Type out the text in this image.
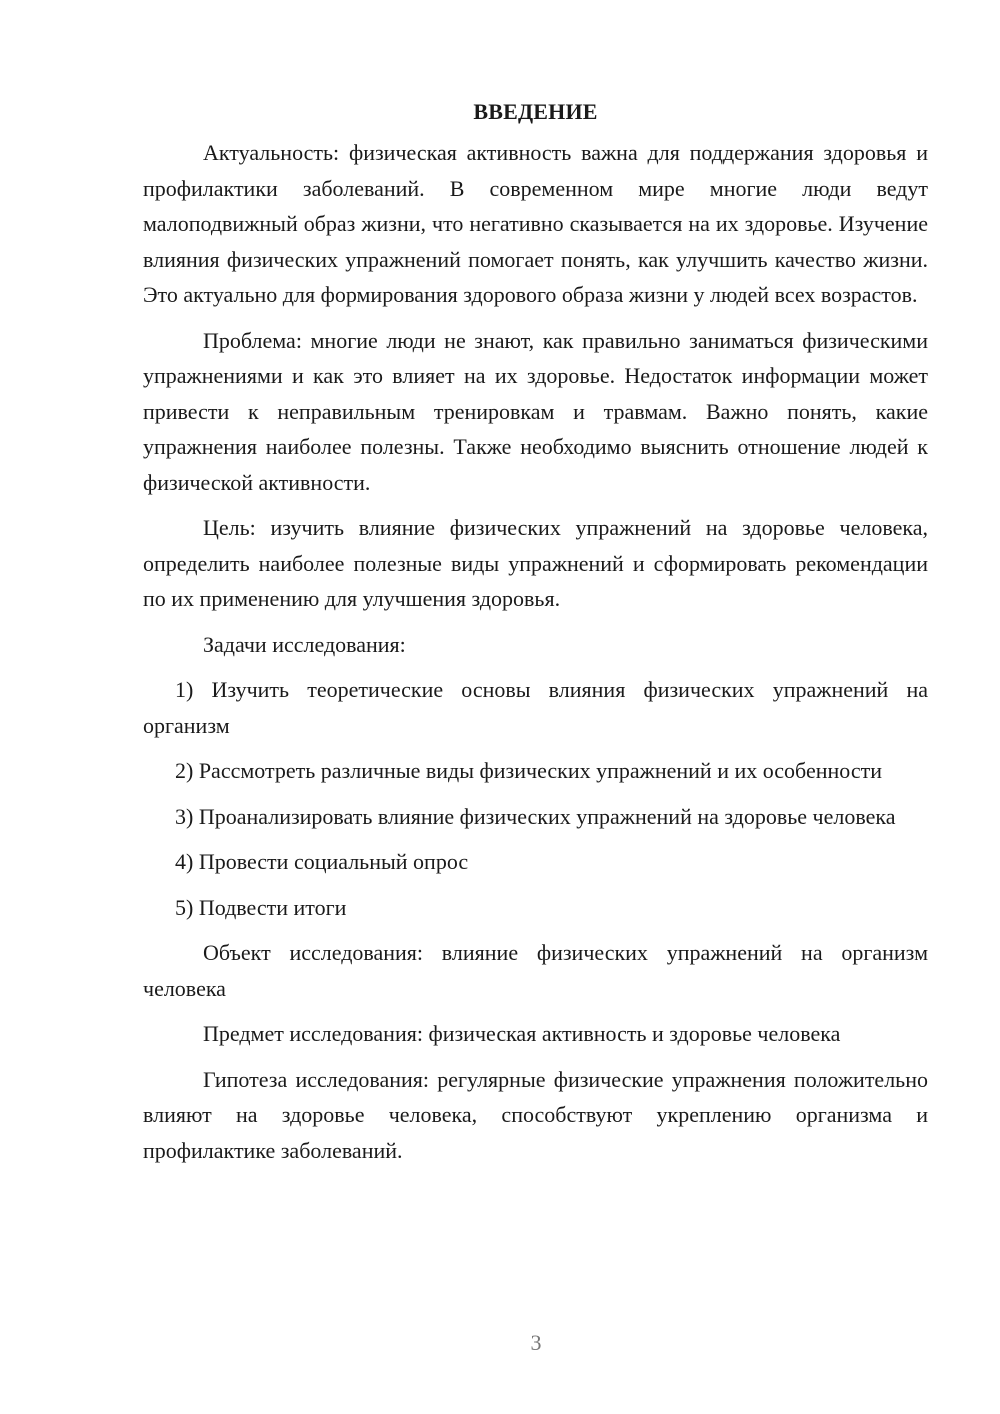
ВВЕДЕНИЕ

Актуальность: физическая активность важна для поддержания здоровья и профилактики заболеваний. В современном мире многие люди ведут малоподвижный образ жизни, что негативно сказывается на их здоровье. Изучение влияния физических упражнений помогает понять, как улучшить качество жизни. Это актуально для формирования здорового образа жизни у людей всех возрастов.

Проблема: многие люди не знают, как правильно заниматься физическими упражнениями и как это влияет на их здоровье. Недостаток информации может привести к неправильным тренировкам и травмам. Важно понять, какие упражнения наиболее полезны. Также необходимо выяснить отношение людей к физической активности.

Цель: изучить влияние физических упражнений на здоровье человека, определить наиболее полезные виды упражнений и сформировать рекомендации по их применению для улучшения здоровья.

Задачи исследования:

1) Изучить теоретические основы влияния физических упражнений на организм

2) Рассмотреть различные виды физических упражнений и их особенности

3) Проанализировать влияние физических упражнений на здоровье человека

4) Провести социальный опрос

5) Подвести итоги

Объект исследования: влияние физических упражнений на организм человека

Предмет исследования: физическая активность и здоровье человека

Гипотеза исследования: регулярные физические упражнения положительно влияют на здоровье человека, способствуют укреплению организма и профилактике заболеваний.

3
